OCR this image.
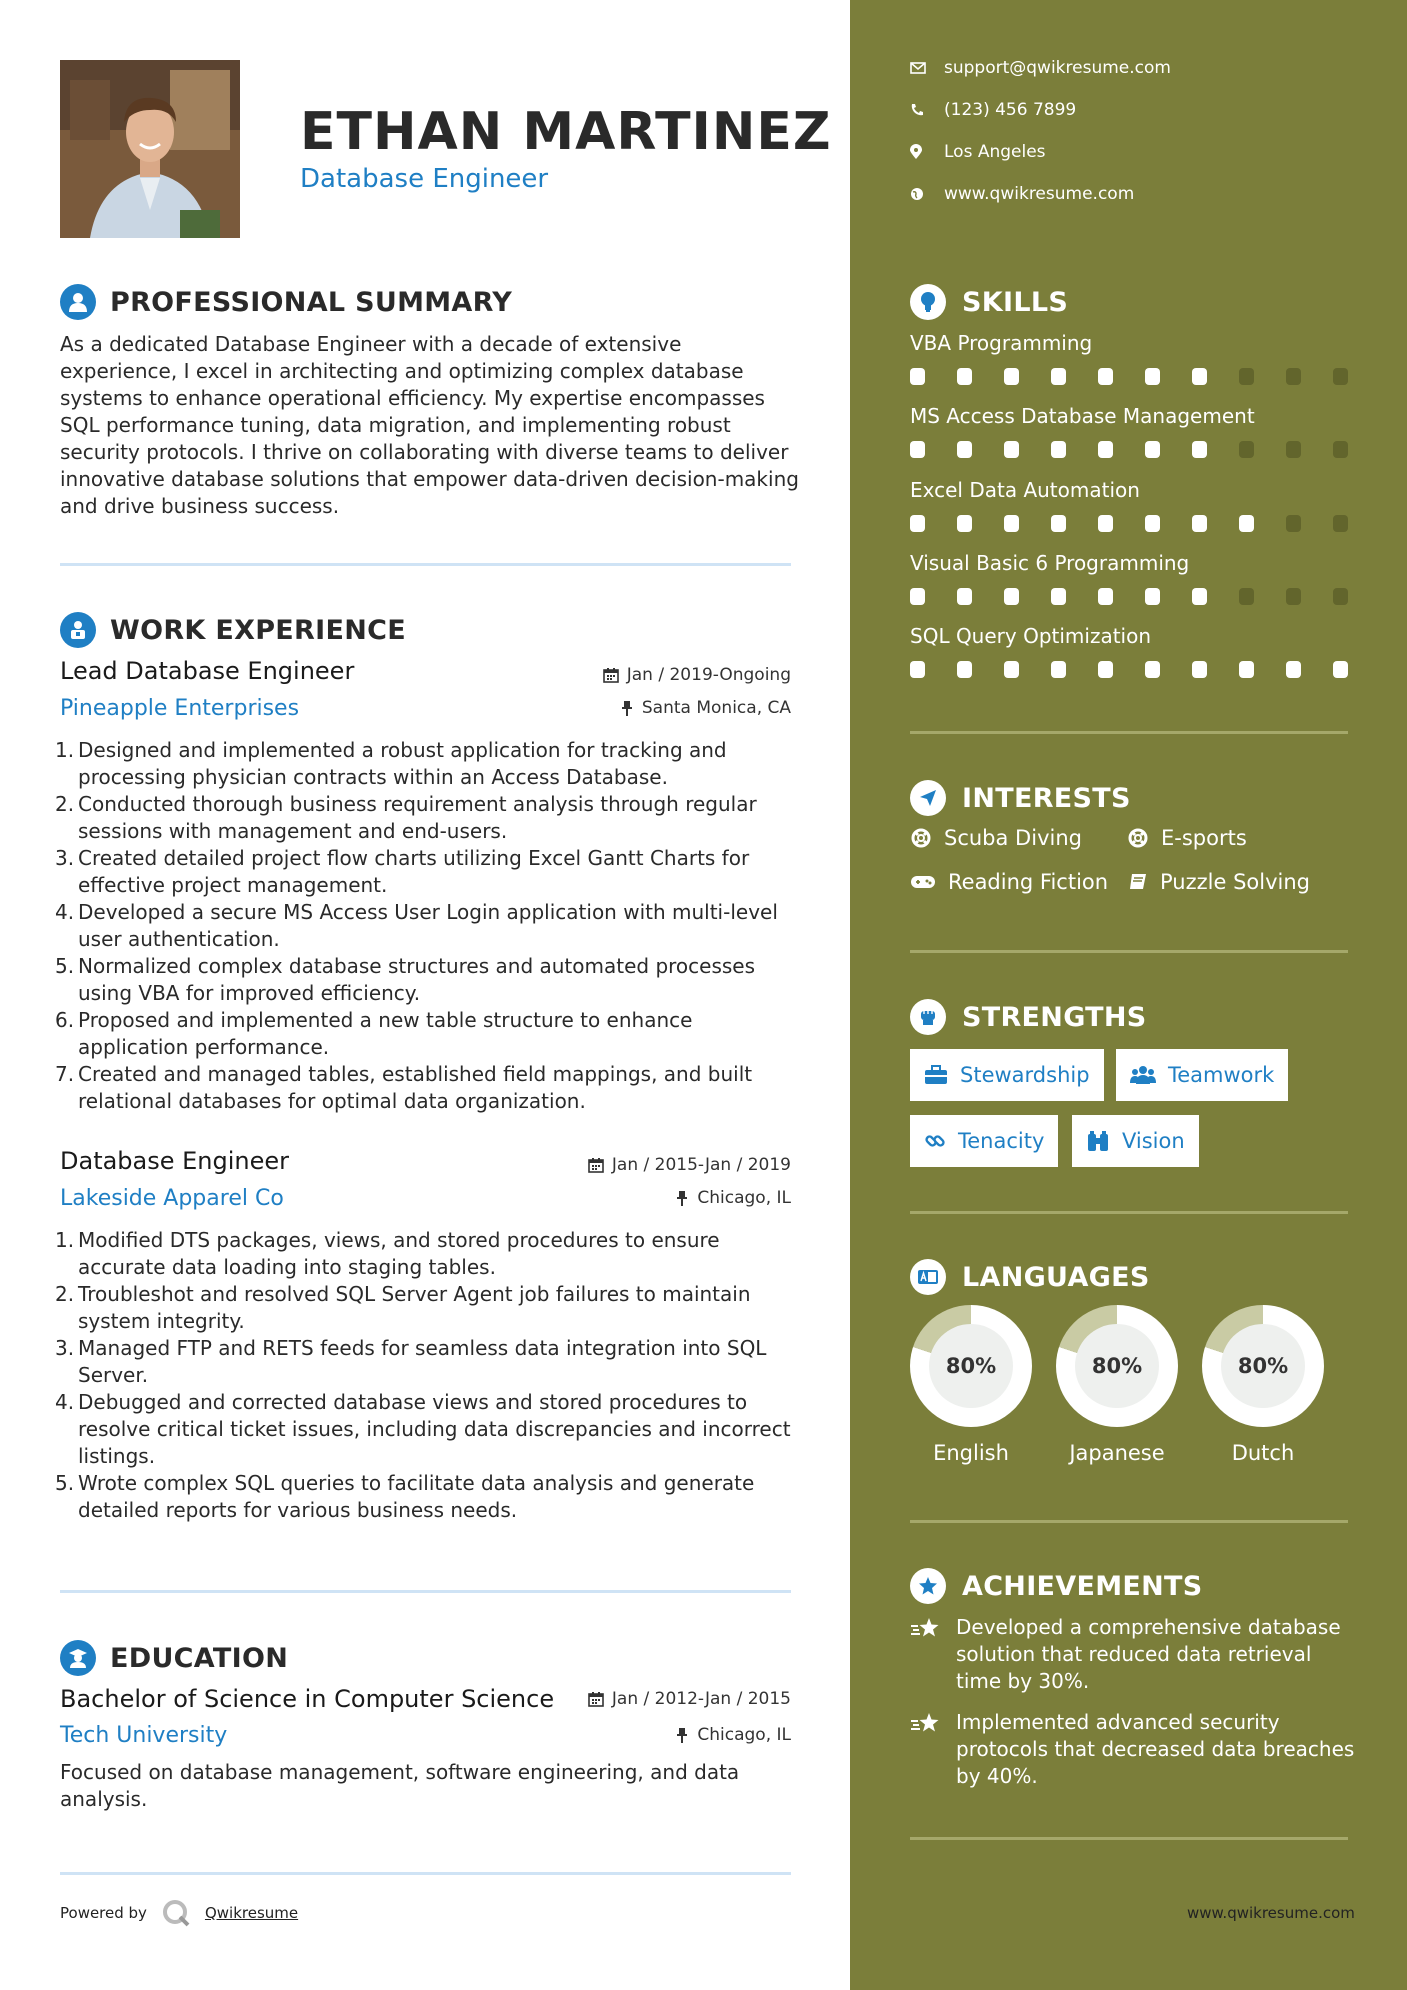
ETHAN MARTINEZ
Database Engineer
PROFESSIONAL SUMMARY
As a dedicated Database Engineer with a decade of extensive experience, I excel in architecting and optimizing complex database systems to enhance operational efficiency. My expertise encompasses SQL performance tuning, data migration, and implementing robust security protocols. I thrive on collaborating with diverse teams to deliver innovative database solutions that empower data-driven decision-making and drive business success.
WORK EXPERIENCE
Lead Database Engineer	Jan / 2019-Ongoing
Pineapple Enterprises	Santa Monica, CA
1. Designed and implemented a robust application for tracking and processing physician contracts within an Access Database.
2. Conducted thorough business requirement analysis through regular sessions with management and end-users.
3. Created detailed project flow charts utilizing Excel Gantt Charts for effective project management.
4. Developed a secure MS Access User Login application with multi-level user authentication.
5. Normalized complex database structures and automated processes using VBA for improved efficiency.
6. Proposed and implemented a new table structure to enhance application performance.
7. Created and managed tables, established field mappings, and built relational databases for optimal data organization.
Database Engineer	Jan / 2015-Jan / 2019
Lakeside Apparel Co	Chicago, IL
1. Modified DTS packages, views, and stored procedures to ensure accurate data loading into staging tables.
2. Troubleshot and resolved SQL Server Agent job failures to maintain system integrity.
3. Managed FTP and RETS feeds for seamless data integration into SQL Server.
4. Debugged and corrected database views and stored procedures to resolve critical ticket issues, including data discrepancies and incorrect listings.
5. Wrote complex SQL queries to facilitate data analysis and generate detailed reports for various business needs.
EDUCATION
Bachelor of Science in Computer Science	Jan / 2012-Jan / 2015
Tech University	Chicago, IL
Focused on database management, software engineering, and data analysis.
Powered by	Qwikresume
support@qwikresume.com
(123) 456 7899
Los Angeles
www.qwikresume.com
SKILLS
VBA Programming
MS Access Database Management
Excel Data Automation
Visual Basic 6 Programming
SQL Query Optimization
INTERESTS
Scuba Diving	E-sports
Reading Fiction Puzzle Solving
STRENGTHS
Stewardship	Teamwork
Tenacity	Vision
LANGUAGES
80%
English
80%
Japanese
80%
Dutch
ACHIEVEMENTS
Developed a comprehensive database solution that reduced data retrieval time by 30%.
Implemented advanced security protocols that decreased data breaches by 40%.
www.qwikresume.com
